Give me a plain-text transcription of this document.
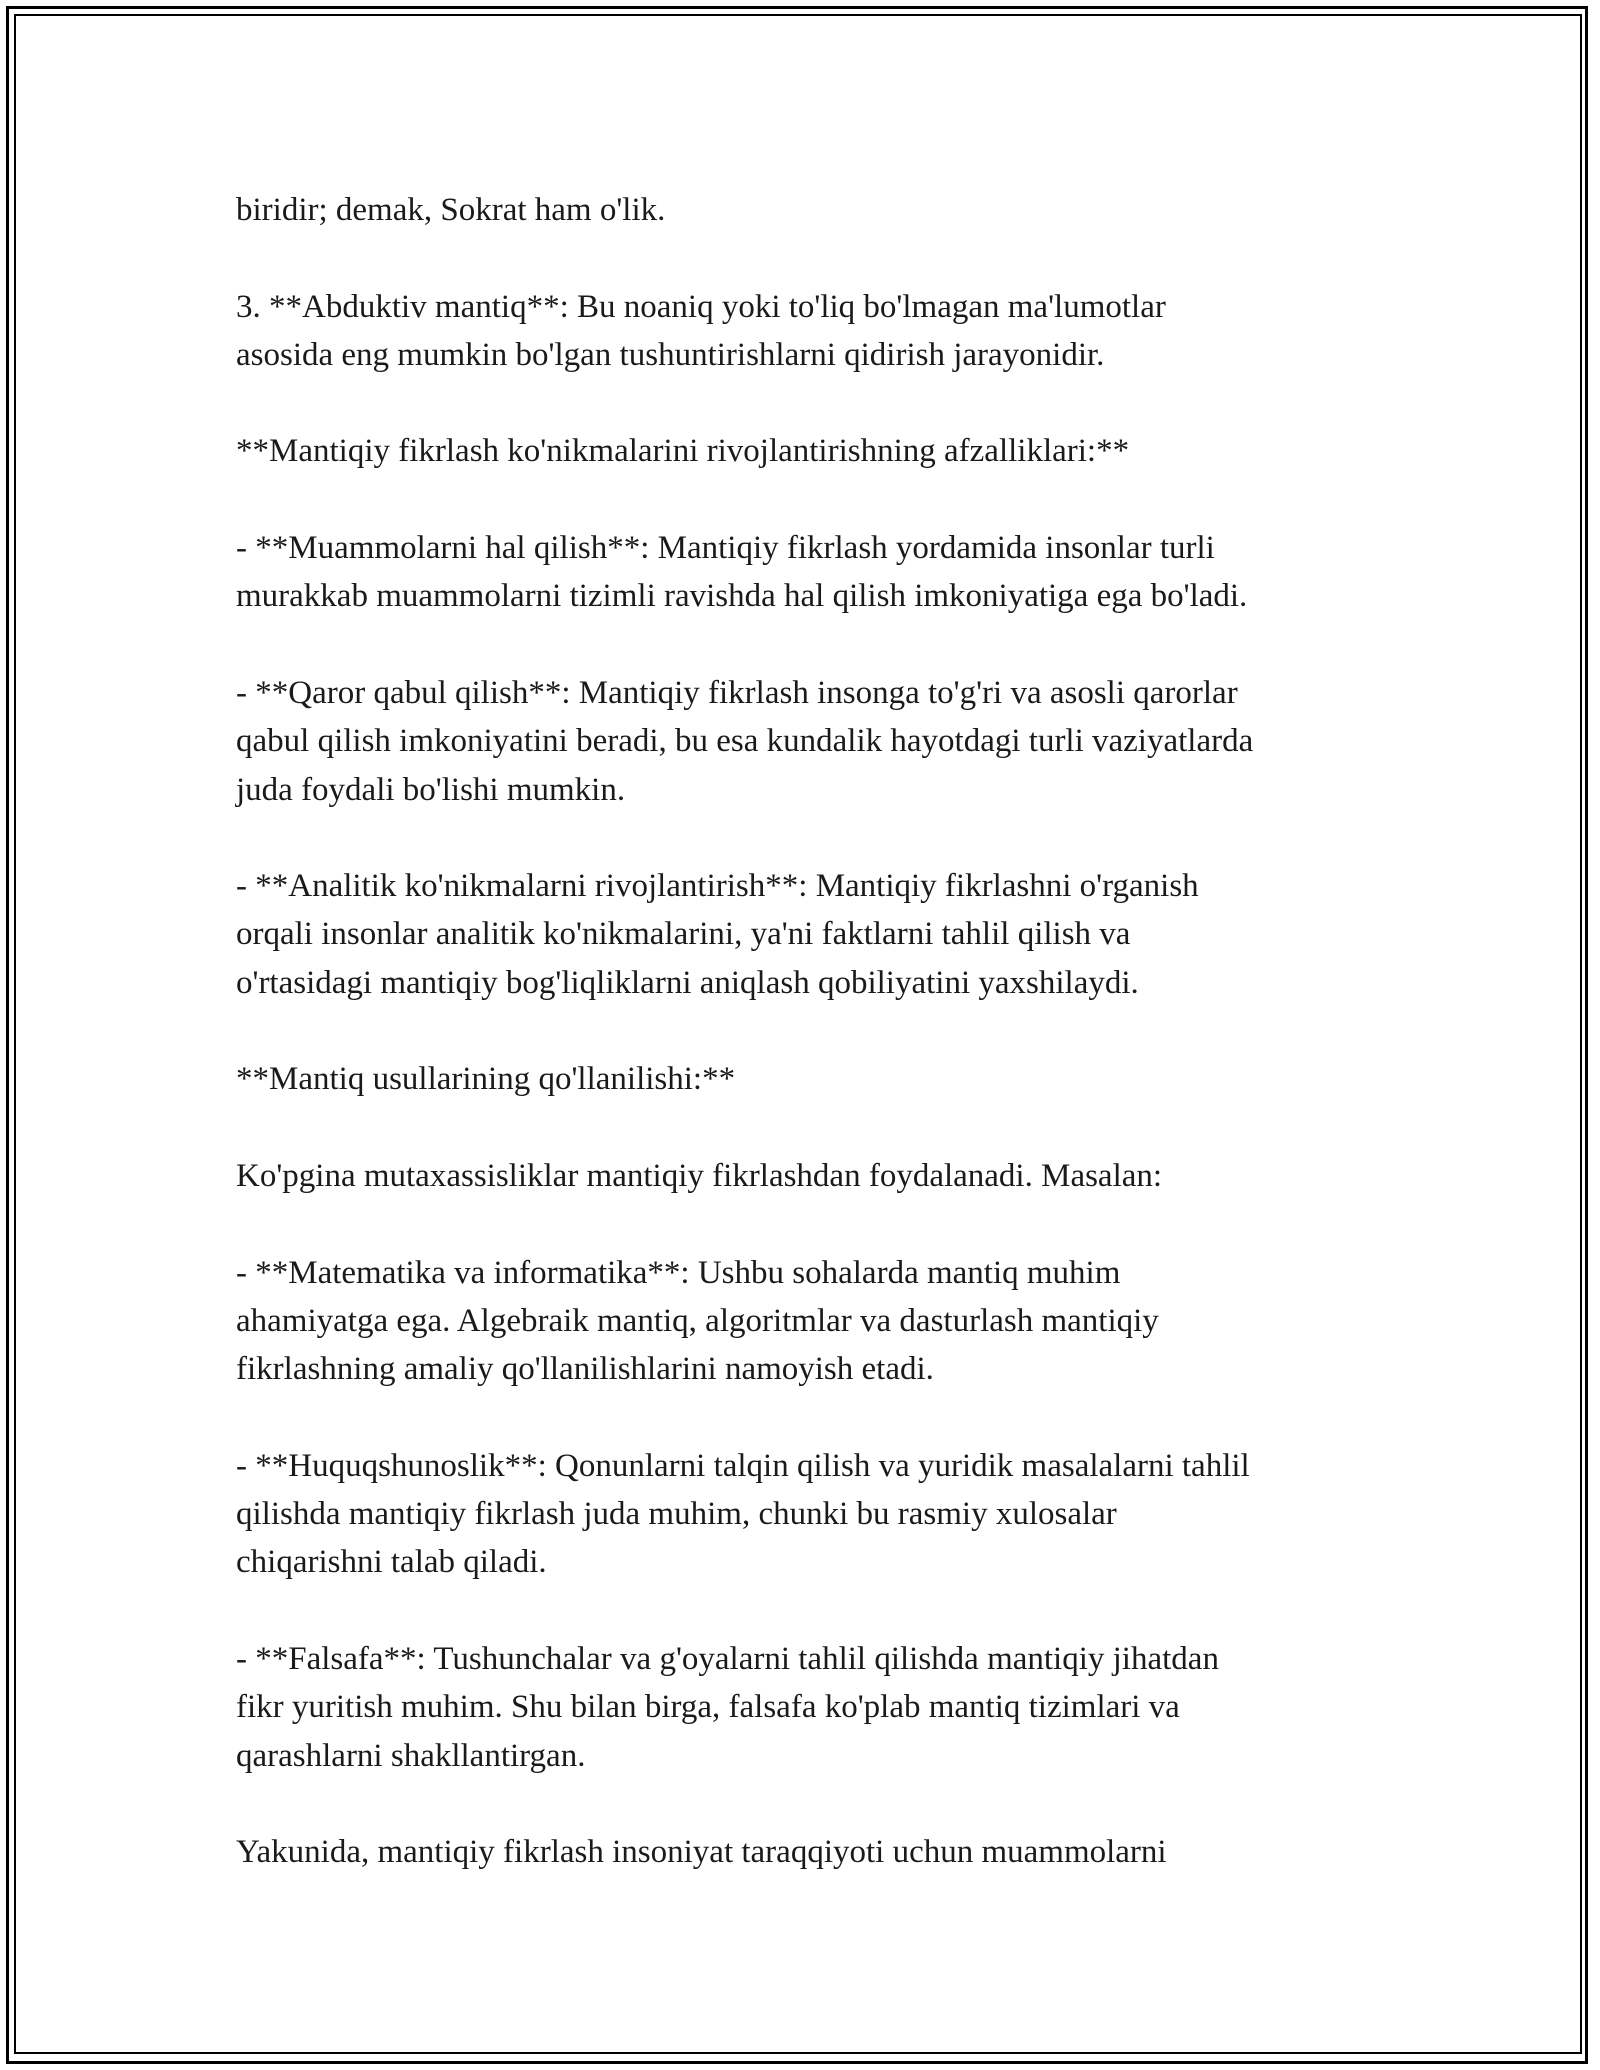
biridir; demak, Sokrat ham o'lik.

3. **Abduktiv mantiq**: Bu noaniq yoki to'liq bo'lmagan ma'lumotlar
asosida eng mumkin bo'lgan tushuntirishlarni qidirish jarayonidir.

**Mantiqiy fikrlash ko'nikmalarini rivojlantirishning afzalliklari:**

- **Muammolarni hal qilish**: Mantiqiy fikrlash yordamida insonlar turli
murakkab muammolarni tizimli ravishda hal qilish imkoniyatiga ega bo'ladi.

- **Qaror qabul qilish**: Mantiqiy fikrlash insonga to'g'ri va asosli qarorlar
qabul qilish imkoniyatini beradi, bu esa kundalik hayotdagi turli vaziyatlarda
juda foydali bo'lishi mumkin.

- **Analitik ko'nikmalarni rivojlantirish**: Mantiqiy fikrlashni o'rganish
orqali insonlar analitik ko'nikmalarini, ya'ni faktlarni tahlil qilish va
o'rtasidagi mantiqiy bog'liqliklarni aniqlash qobiliyatini yaxshilaydi.

**Mantiq usullarining qo'llanilishi:**

Ko'pgina mutaxassisliklar mantiqiy fikrlashdan foydalanadi. Masalan:

- **Matematika va informatika**: Ushbu sohalarda mantiq muhim
ahamiyatga ega. Algebraik mantiq, algoritmlar va dasturlash mantiqiy
fikrlashning amaliy qo'llanilishlarini namoyish etadi.

- **Huquqshunoslik**: Qonunlarni talqin qilish va yuridik masalalarni tahlil
qilishda mantiqiy fikrlash juda muhim, chunki bu rasmiy xulosalar
chiqarishni talab qiladi.

- **Falsafa**: Tushunchalar va g'oyalarni tahlil qilishda mantiqiy jihatdan
fikr yuritish muhim. Shu bilan birga, falsafa ko'plab mantiq tizimlari va
qarashlarni shakllantirgan.

Yakunida, mantiqiy fikrlash insoniyat taraqqiyoti uchun muammolarni
